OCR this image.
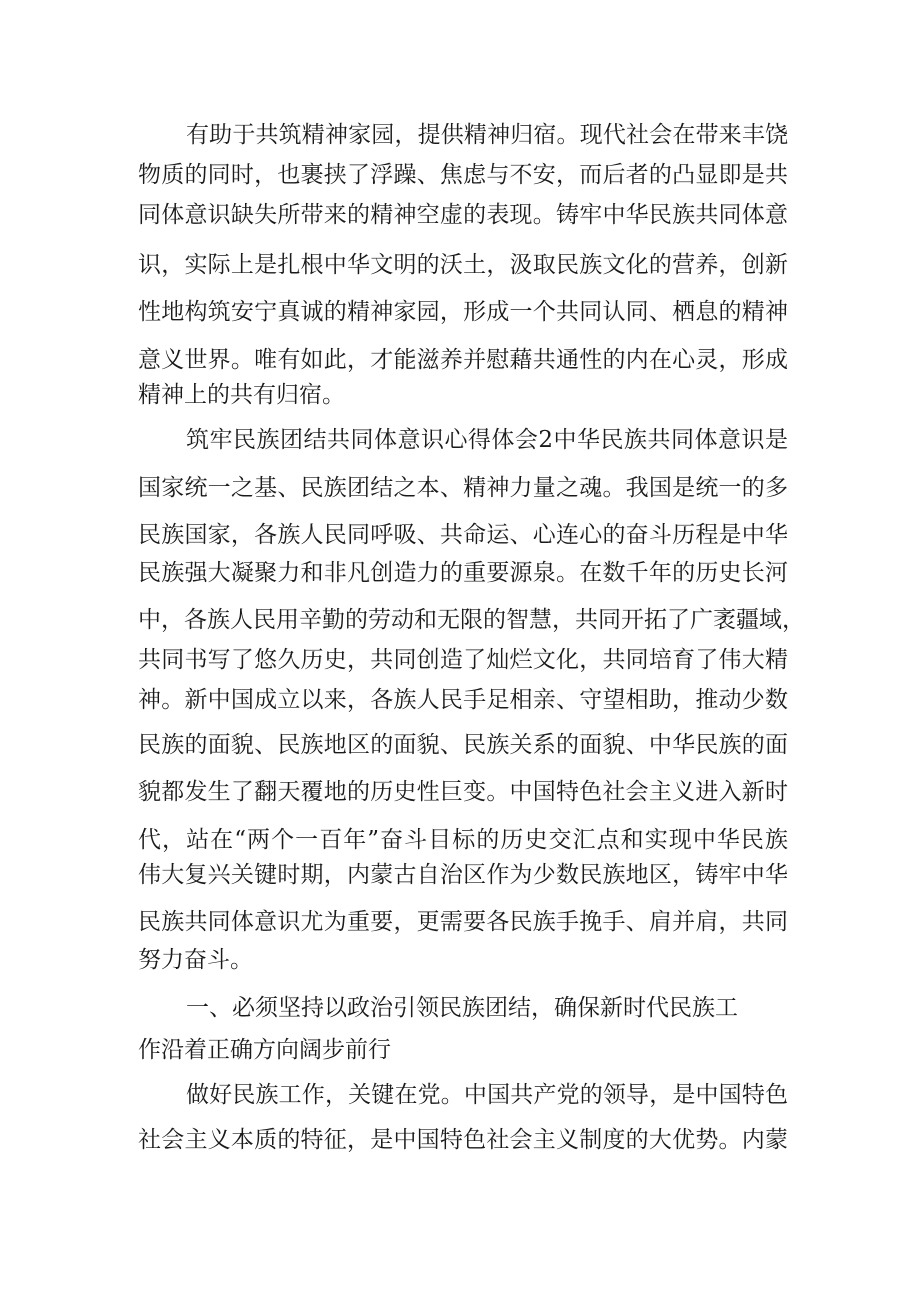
有助于共筑精神家园，提供精神归宿。现代社会在带来丰饶
物质的同时，也裹挟了浮躁、焦虑与不安，而后者的凸显即是共
同体意识缺失所带来的精神空虚的表现。铸牢中华民族共同体意
识，实际上是扎根中华文明的沃土，汲取民族文化的营养，创新
性地构筑安宁真诚的精神家园，形成一个共同认同、栖息的精神
意义世界。唯有如此，才能滋养并慰藉共通性的内在心灵，形成
精神上的共有归宿。
筑牢民族团结共同体意识心得体会2中华民族共同体意识是
国家统一之基、民族团结之本、精神力量之魂。我国是统一的多
民族国家，各族人民同呼吸、共命运、心连心的奋斗历程是中华
民族强大凝聚力和非凡创造力的重要源泉。在数千年的历史长河
中，各族人民用辛勤的劳动和无限的智慧，共同开拓了广袤疆域，
共同书写了悠久历史，共同创造了灿烂文化，共同培育了伟大精
神。新中国成立以来，各族人民手足相亲、守望相助，推动少数
民族的面貌、民族地区的面貌、民族关系的面貌、中华民族的面
貌都发生了翻天覆地的历史性巨变。中国特色社会主义进入新时
代，站在“两个一百年”奋斗目标的历史交汇点和实现中华民族
伟大复兴关键时期，内蒙古自治区作为少数民族地区，铸牢中华
民族共同体意识尤为重要，更需要各民族手挽手、肩并肩，共同
努力奋斗。
一、必须坚持以政治引领民族团结，确保新时代民族工
作沿着正确方向阔步前行
做好民族工作，关键在党。中国共产党的领导，是中国特色
社会主义本质的特征，是中国特色社会主义制度的大优势。内蒙
